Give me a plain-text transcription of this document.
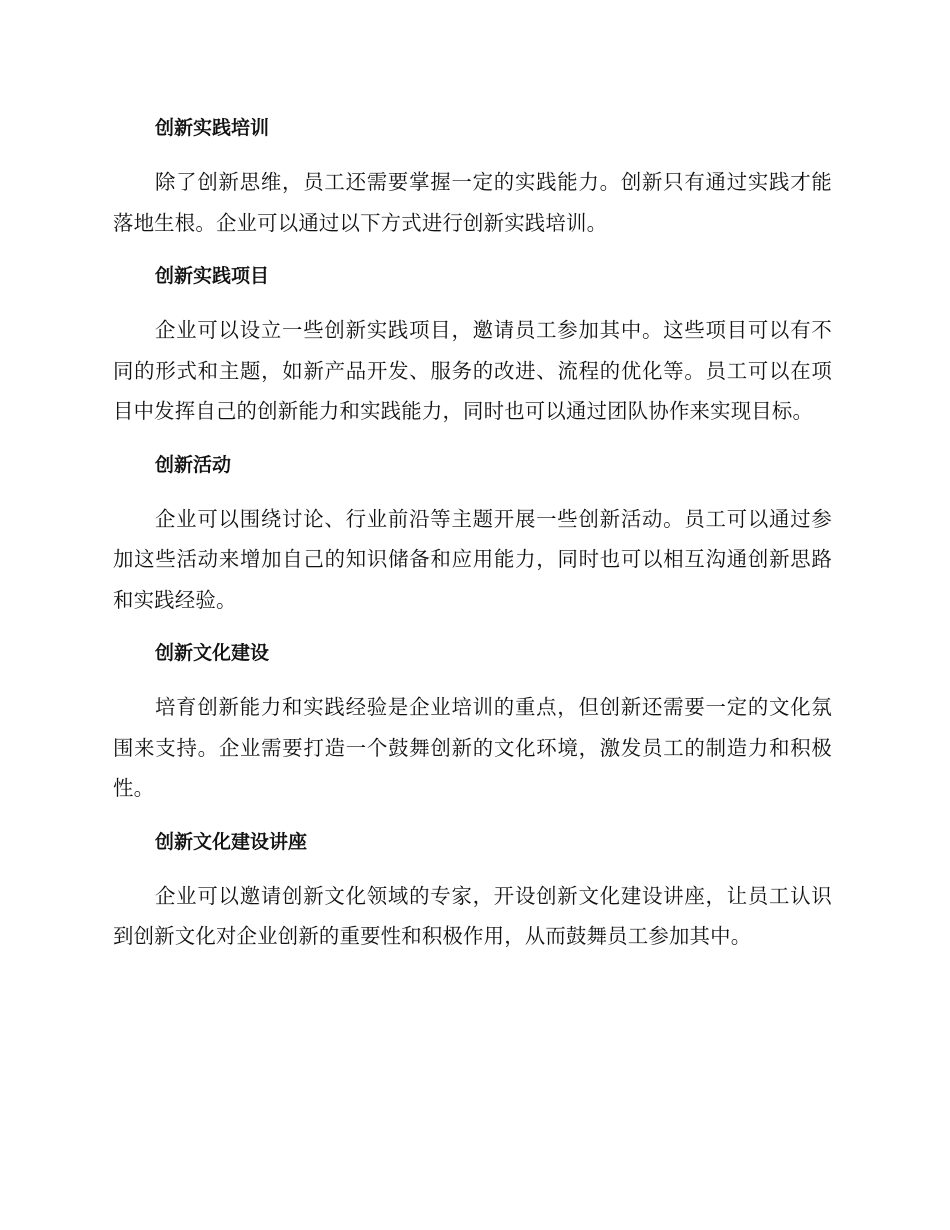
创新实践培训

除了创新思维，员工还需要掌握一定的实践能力。创新只有通过实践才能落地生根。企业可以通过以下方式进行创新实践培训。

创新实践项目

企业可以设立一些创新实践项目，邀请员工参加其中。这些项目可以有不同的形式和主题，如新产品开发、服务的改进、流程的优化等。员工可以在项目中发挥自己的创新能力和实践能力，同时也可以通过团队协作来实现目标。

创新活动

企业可以围绕讨论、行业前沿等主题开展一些创新活动。员工可以通过参加这些活动来增加自己的知识储备和应用能力，同时也可以相互沟通创新思路和实践经验。

创新文化建设

培育创新能力和实践经验是企业培训的重点，但创新还需要一定的文化氛围来支持。企业需要打造一个鼓舞创新的文化环境，激发员工的制造力和积极性。

创新文化建设讲座

企业可以邀请创新文化领域的专家，开设创新文化建设讲座，让员工认识到创新文化对企业创新的重要性和积极作用，从而鼓舞员工参加其中。
